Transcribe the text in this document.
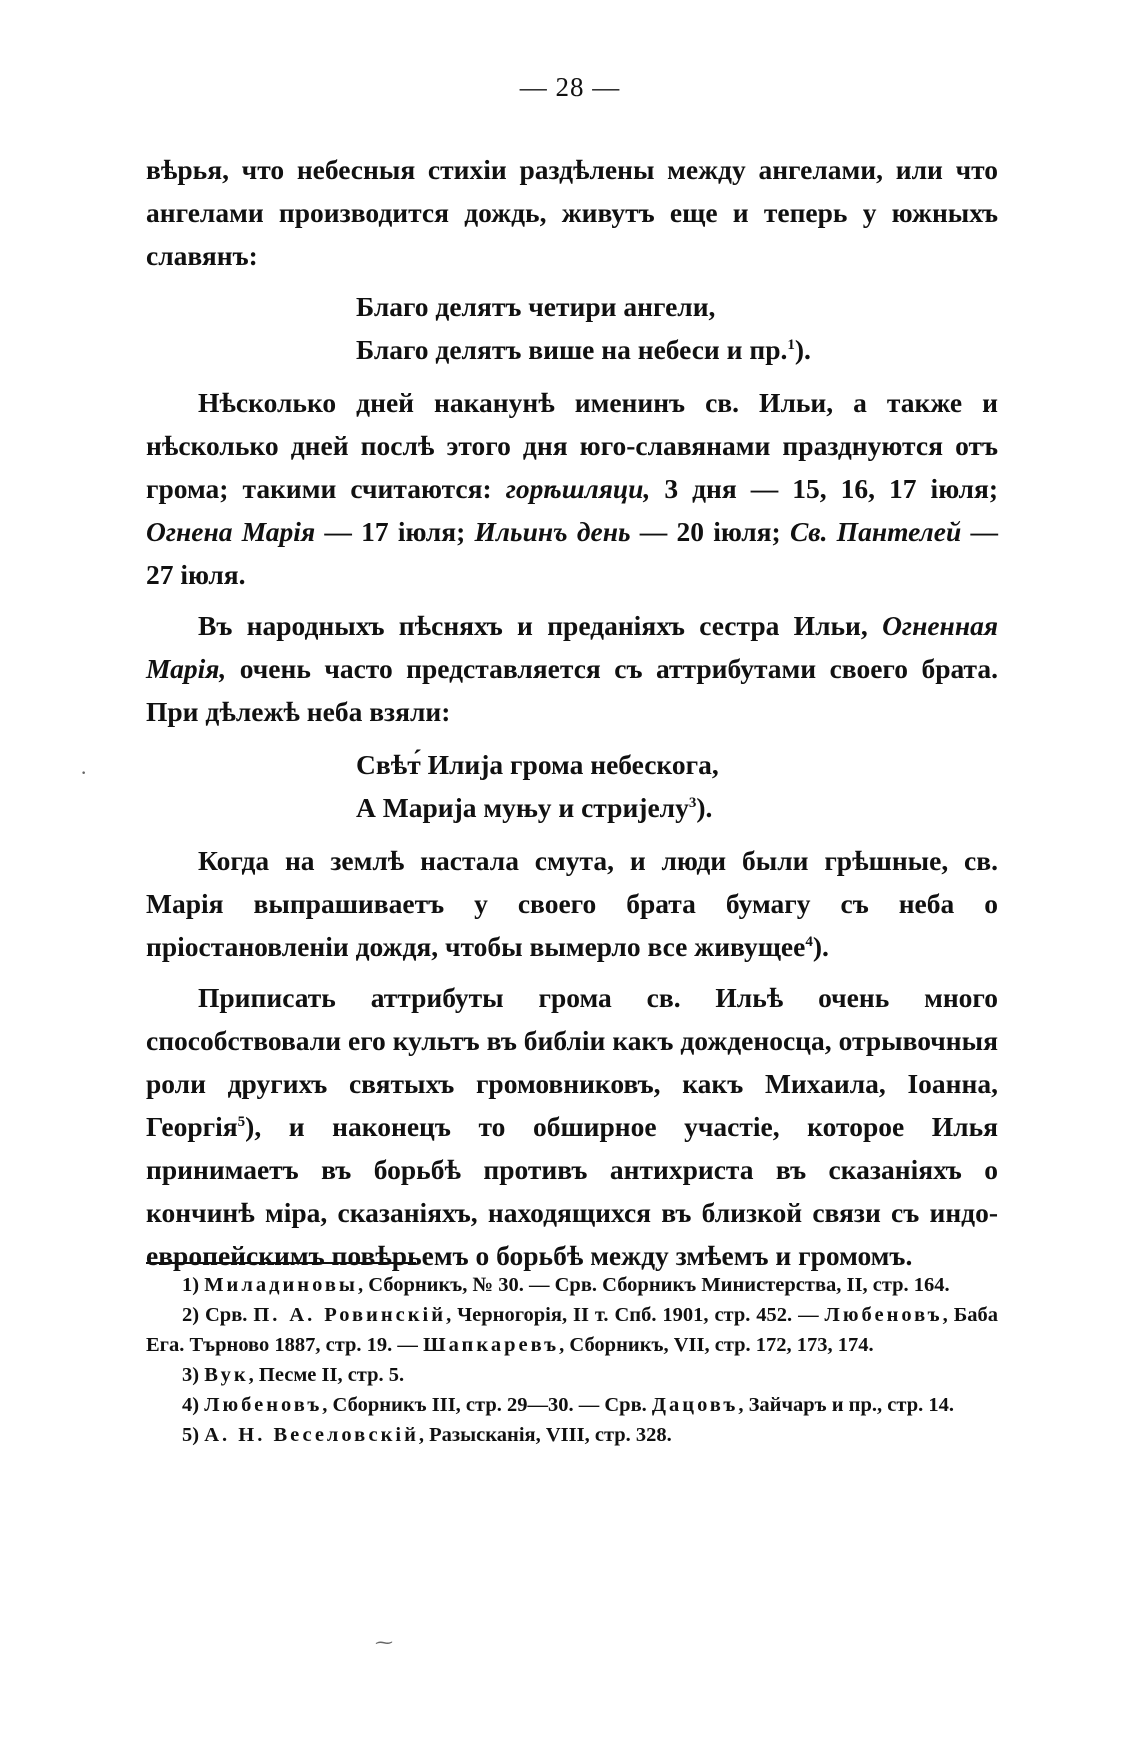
— 28 —

вѣрья, что небесныя стихіи раздѣлены между ангелами, или что ангелами производится дождь, живутъ еще и теперь у южныхъ славянъ:

Благо делятъ четири ангели,
Благо делятъ више на небеси и пр.$^1$).

Нѣсколько дней наканунѣ именинъ св. Ильи, а также и нѣсколько дней послѣ этого дня юго-славянами празднуются отъ грома; такими считаются: горѣшляци, 3 дня — 15, 16, 17 іюля; Огнена Марія — 17 іюля; Ильинъ день — 20 іюля; Св. Пантелей — 27 іюля.

Въ народныхъ пѣсняхъ и преданіяхъ сестра Ильи, Огненная Марія, очень часто представляется съ аттрибутами своего брата. При дѣлежѣ неба взяли:

Свѣт́ Илиjа грома небескога,
А Мариjа муњу и стриjелу$^3$).

Когда на землѣ настала смута, и люди были грѣшные, св. Марія выпрашиваетъ у своего брата бумагу съ неба о пріостановленіи дождя, чтобы вымерло все живущее$^4$).

Приписать аттрибуты грома св. Ильѣ очень много способствовали его культъ въ библіи какъ дожденосца, отрывочныя роли другихъ святыхъ громовниковъ, какъ Михаила, Іоанна, Георгія$^5$), и наконецъ то обширное участіе, которое Илья принимаетъ въ борьбѣ противъ антихриста въ сказаніяхъ о кончинѣ міра, сказаніяхъ, находящихся въ близкой связи съ индо-европейскимъ повѣрьемъ о борьбѣ между змѣемъ и громомъ.

1) Миладиновы, Сборникъ, № 30. — Срв. Сборникъ Министерства, II, стр. 164.

2) Срв. П. А. Ровинскій, Черногорія, II т. Спб. 1901, стр. 452. — Любеновъ, Баба Ега. Търново 1887, стр. 19. — Шапкаревъ, Сборникъ, VII, стр. 172, 173, 174.

3) Вук, Песме II, стр. 5.

4) Любеновъ, Сборникъ III, стр. 29—30. — Срв. Дацовъ, Зайчаръ и пр., стр. 14.

5) А. Н. Веселовскій, Разысканія, VIII, стр. 328.

·
⁓
